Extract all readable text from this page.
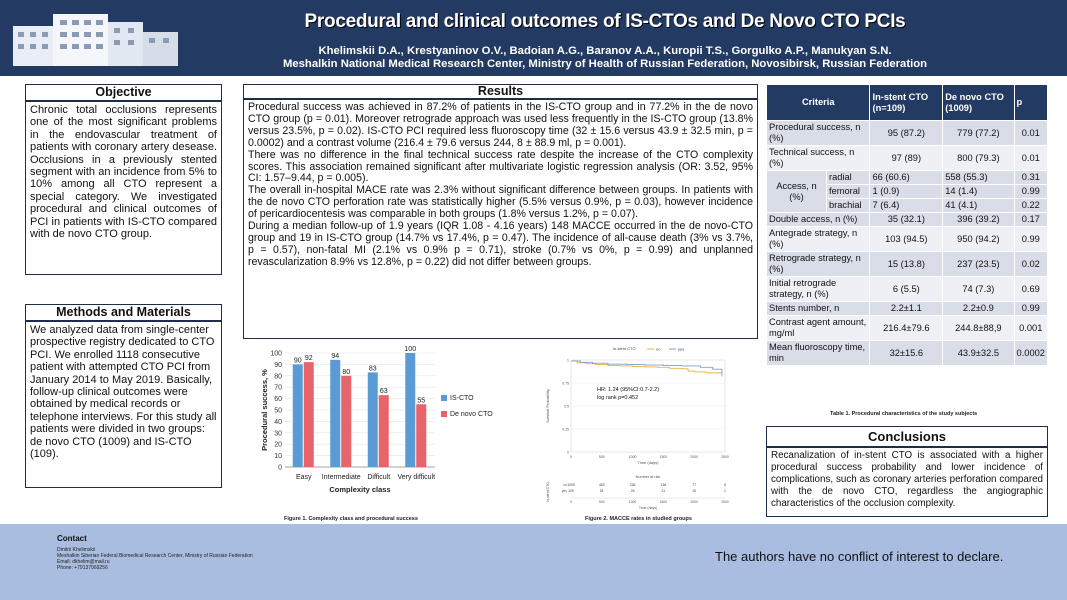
Procedural and clinical outcomes of IS-CTOs and De Novo CTO PCIs
Khelimskii D.A., Krestyaninov O.V., Badoian A.G., Baranov A.A., Kuropii T.S., Gorgulko A.P., Manukyan S.N.
Meshalkin National Medical Research Center, Ministry of Health of Russian Federation, Novosibirsk, Russian Federation
Objective
Chronic total occlusions represents one of the most significant problems in the endovascular treatment of patients with coronary artery desease. Occlusions in a previously stented segment with an incidence from 5% to 10% among all CTO represent a special category. We investigated procedural and clinical outcomes of PCI in patients with IS-CTO compared with de novo CTO group.
Methods and Materials
We analyzed data from single-center prospective registry dedicated to CTO PCI. We enrolled 1118 consecutive patient with attempted CTO PCI from January 2014 to May 2019. Basically, follow-up clinical outcomes were obtained by medical records or telephone interviews. For this study all patients were divided in two groups: de novo CTO (1009) and IS-CTO (109).
Results

Procedural success was achieved in 87.2% of patients in the IS-CTO group and in 77.2% in the de novo CTO group (p = 0.01). Moreover retrograde approach was used less frequently in the IS-CTO group (13.8% versus 23.5%, p = 0.02). IS-CTO PCI required less fluoroscopy time (32 ± 15.6 versus 43.9 ± 32.5 min, p = 0.0002) and a contrast volume (216.4 ± 79.6 versus 244, 8 ± 88.9 ml, p = 0.001).

There was no difference in the final technical success rate despite the increase of the CTO complexity scores. This association remained significant after multivariate logistic regression analysis (OR: 3.52, 95% CI: 1.57–9.44, p = 0.005).

The overall in-hospital MACE rate was 2.3% without significant difference between groups. In patients with the de novo CTO perforation rate was statistically higher (5.5% versus 0.9%, p = 0.03), however incidence of pericardiocentesis was comparable in both groups (1.8% versus 1.2%, p = 0.07).

During a median follow-up of 1.9 years (IQR 1.08 - 4.16 years) 148 MACCE occurred in the de novo-CTO group and 19 in IS-CTO group (14.7% vs 17.4%, p = 0.47). The incidence of all-cause death (3% vs 3.7%, p = 0.57), non-fatal MI (2.1% vs 0.9% p = 0.71), stroke (0.7% vs 0%, p = 0.99) and unplanned revascularization 8.9% vs 12.8%, p = 0.22) did not differ between groups.

0
10
20
30
40
50
60
70
80
90
100
Easy
90 92
Intermediate
94
80
Difficult
83
63
Very difficult
100
55	IS-CTO
De novo CTO
Procedural success, %
Complexity class
Figure 1. Complexity class and procedural success
0
0.25
0.5
0.75
1
0	500	1000	1500	2000	2500
Time (days)
Survival Probability
in-stent CTO	no	yes
HR: 1.24 (95%CI:0.7-2.2)
log rank p=0.452
Number at risk
In-stent CTO	no 1009	463	236	136	77	8
yes 109	51	26	21	15	1
0	500	1000	1500	2000	2500
Time (days)
Figure 2. MACCE rates in studied groups
Criteria		In-stent CTO (n=109)	De novo CTO (1009)	p
Procedural success, n (%)		95 (87.2)	779 (77.2)	0.01
Technical success, n (%)		97 (89)	800 (79.3)	0.01
Access, n (%)	radial	66 (60.6)	558 (55.3)	0.31
	femoral	1 (0.9)	14 (1.4)	0.99
	brachial	7 (6.4)	41 (4.1)	0.22
Double access, n (%)		35 (32.1)	396 (39.2)	0.17
Antegrade strategy, n (%)		103 (94.5)	950 (94.2)	0.99
Retrograde strategy, n (%)		15 (13.8)	237 (23.5)	0.02
Initial retrograde strategy, n (%)		6 (5.5)	74 (7.3)	0.69
Stents number, n		2.2±1.1	2.2±0.9	0.99
Contrast agent amount, mg/ml		216.4±79.6	244.8±88,9	0.001
Mean fluoroscopy time, min		32±15.6	43.9±32.5	0.0002
Table 1. Procedural characteristics of the study subjects
Conclusions
Recanalization of in-stent CTO is associated with a higher procedural success probability and lower incidence of complications, such as coronary arteries perforation compared with the de novo CTO, regardless the angiographic characteristics of the occlusion complexity.
Contact
Dmitrii Khelimskii
Meshalkin Siberian Federal Biomedical Research Center, Ministry of Russian Federation
Email: dkhelim@mail.ru
Phone: +79137069256
The authors have no conflict of interest to declare.
